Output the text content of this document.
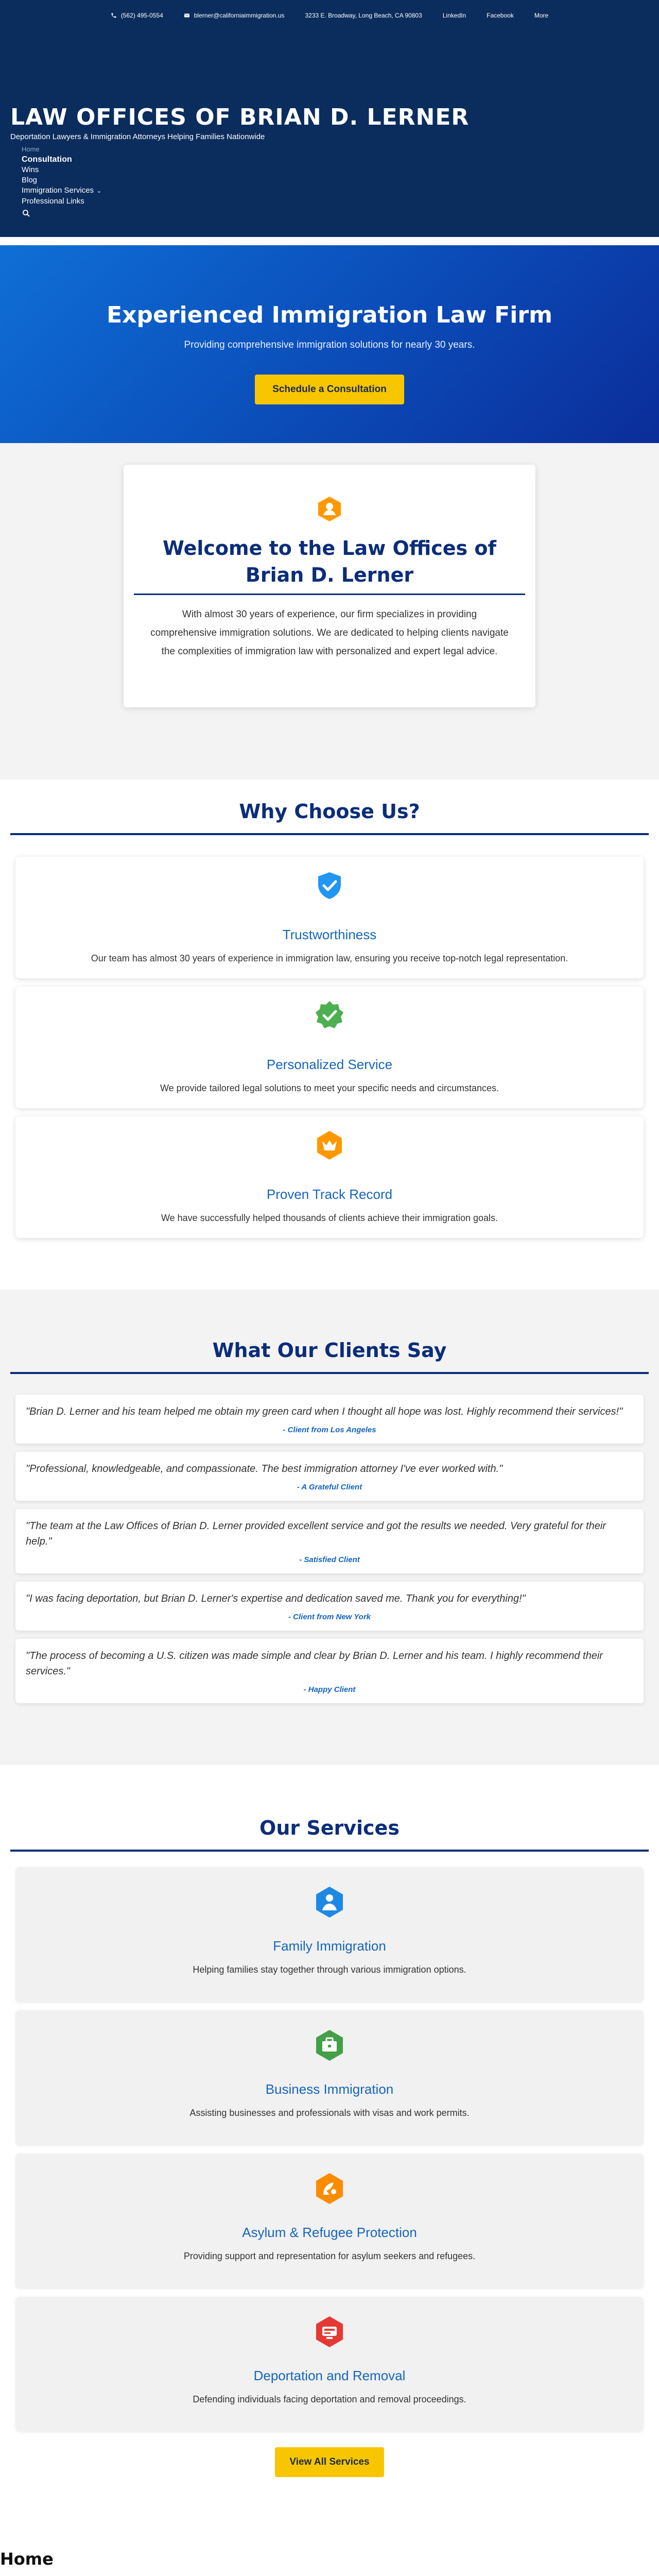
(562) 495-0554	blerner@californiaimmigration.us	3233 E. Broadway, Long Beach, CA 90803	LinkedIn	Facebook	More
LAW OFFICES OF BRIAN D. LERNER
Deportation Lawyers & Immigration Attorneys Helping Families Nationwide
Home
Consultation
Wins
Blog
Immigration Services ⌄
Professional Links
Experienced Immigration Law Firm

Providing comprehensive immigration solutions for nearly 30 years.

Schedule a Consultation
Welcome to the Law Offices of Brian D. Lerner

With almost 30 years of experience, our firm specializes in providing comprehensive immigration solutions. We are dedicated to helping clients navigate the complexities of immigration law with personalized and expert legal advice.

Why Choose Us?
Trustworthiness

Our team has almost 30 years of experience in immigration law, ensuring you receive top-notch legal representation.

Personalized Service

We provide tailored legal solutions to meet your specific needs and circumstances.

Proven Track Record

We have successfully helped thousands of clients achieve their immigration goals.

What Our Clients Say
"Brian D. Lerner and his team helped me obtain my green card when I thought all hope was lost. Highly recommend their services!"
- Client from Los Angeles
"Professional, knowledgeable, and compassionate. The best immigration attorney I've ever worked with."
- A Grateful Client
"The team at the Law Offices of Brian D. Lerner provided excellent service and got the results we needed. Very grateful for their help."
- Satisfied Client
"I was facing deportation, but Brian D. Lerner's expertise and dedication saved me. Thank you for everything!"
- Client from New York
"The process of becoming a U.S. citizen was made simple and clear by Brian D. Lerner and his team. I highly recommend their services."
- Happy Client
Our Services
Family Immigration

Helping families stay together through various immigration options.

Business Immigration

Assisting businesses and professionals with visas and work permits.

Asylum & Refugee Protection

Providing support and representation for asylum seekers and refugees.

Deportation and Removal

Defending individuals facing deportation and removal proceedings.

View All Services
Home
